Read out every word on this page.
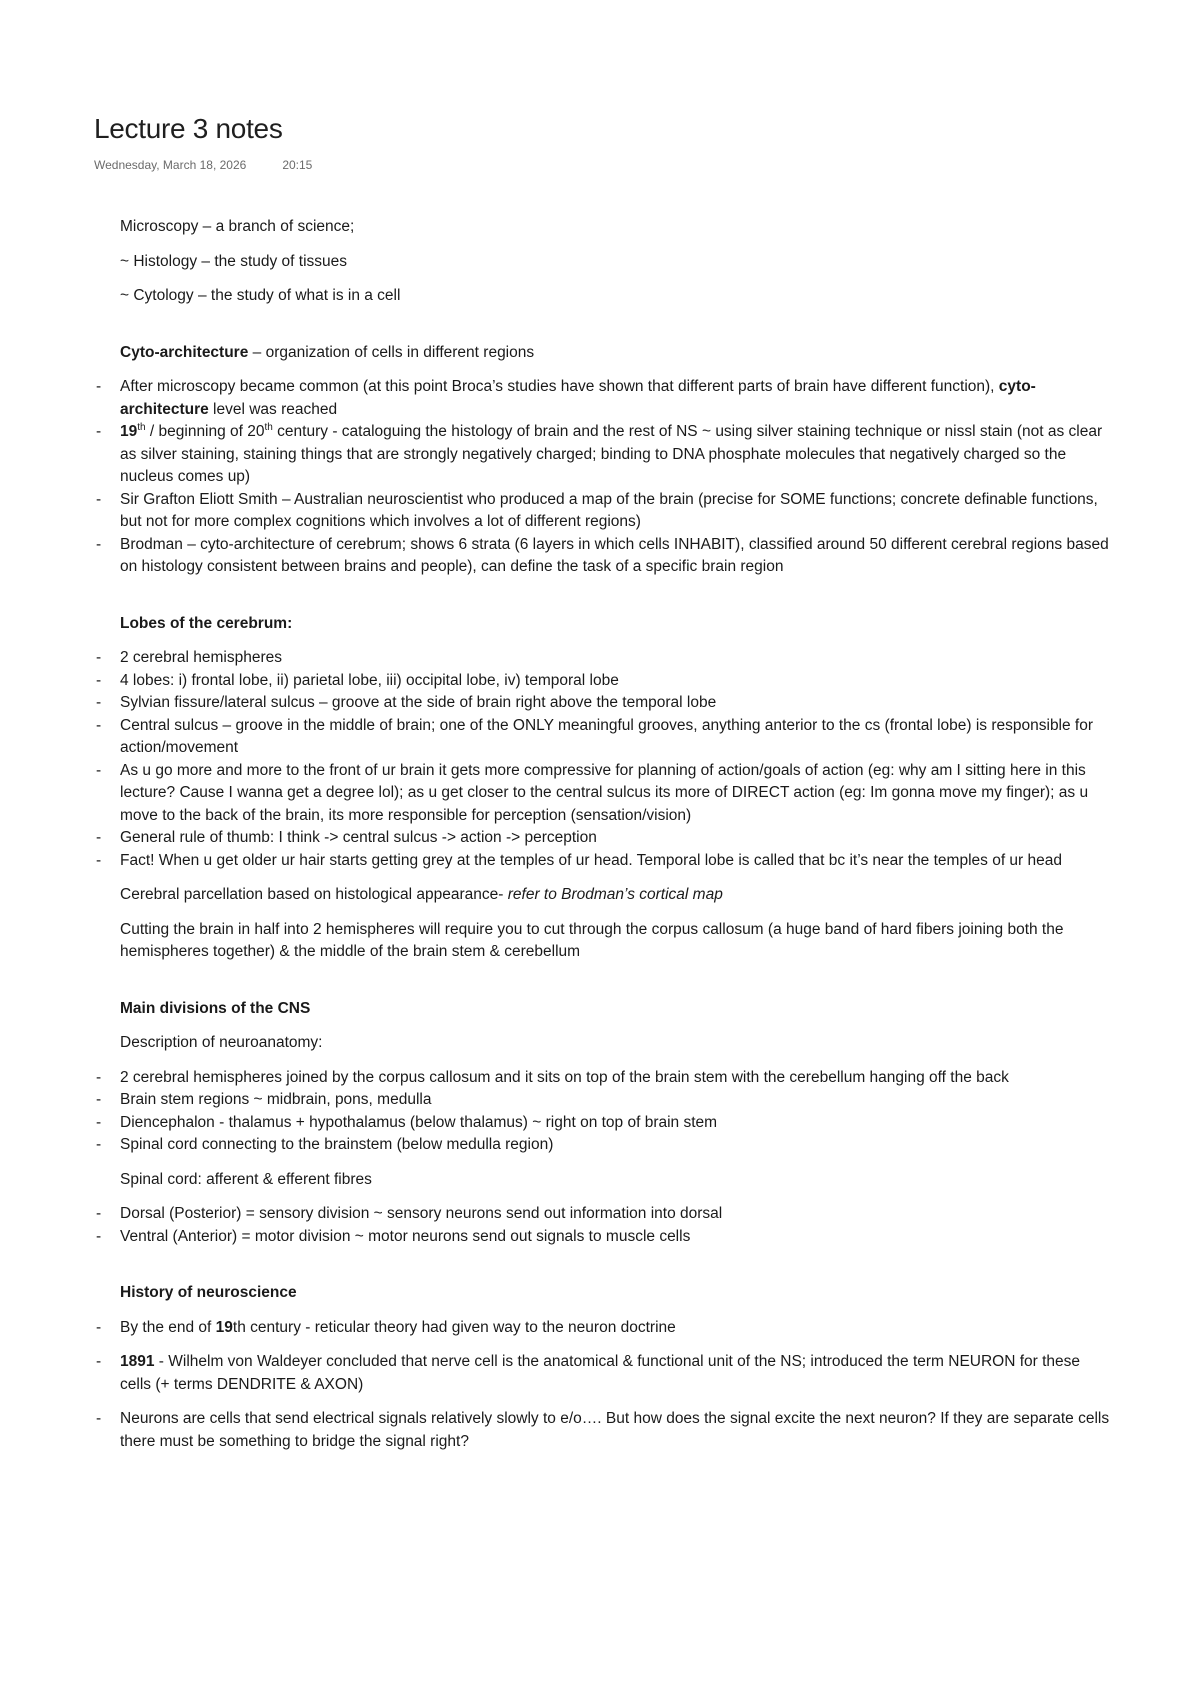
Lecture 3 notes
Wednesday, March 18, 2026	20:15

Microscopy – a branch of science;

~ Histology – the study of tissues

~ Cytology – the study of what is in a cell

Cyto-architecture – organization of cells in different regions

- After microscopy became common (at this point Broca’s studies have shown that different parts of brain have different function), cyto-architecture level was reached
- 19th / beginning of 20th century - cataloguing the histology of brain and the rest of NS ~ using silver staining technique or nissl stain (not as clear as silver staining, staining things that are strongly negatively charged; binding to DNA phosphate molecules that negatively charged so the nucleus comes up)
- Sir Grafton Eliott Smith – Australian neuroscientist who produced a map of the brain (precise for SOME functions; concrete definable functions, but not for more complex cognitions which involves a lot of different regions)
- Brodman – cyto-architecture of cerebrum; shows 6 strata (6 layers in which cells INHABIT), classified around 50 different cerebral regions based on histology consistent between brains and people), can define the task of a specific brain region

Lobes of the cerebrum:

- 2 cerebral hemispheres
- 4 lobes: i) frontal lobe, ii) parietal lobe, iii) occipital lobe, iv) temporal lobe
- Sylvian fissure/lateral sulcus – groove at the side of brain right above the temporal lobe
- Central sulcus – groove in the middle of brain; one of the ONLY meaningful grooves, anything anterior to the cs (frontal lobe) is responsible for action/movement
- As u go more and more to the front of ur brain it gets more compressive for planning of action/goals of action (eg: why am I sitting here in this lecture? Cause I wanna get a degree lol); as u get closer to the central sulcus its more of DIRECT action (eg: Im gonna move my finger); as u move to the back of the brain, its more responsible for perception (sensation/vision)
- General rule of thumb: I think -> central sulcus -> action -> perception
- Fact! When u get older ur hair starts getting grey at the temples of ur head. Temporal lobe is called that bc it’s near the temples of ur head

Cerebral parcellation based on histological appearance- refer to Brodman’s cortical map

Cutting the brain in half into 2 hemispheres will require you to cut through the corpus callosum (a huge band of hard fibers joining both the hemispheres together) & the middle of the brain stem & cerebellum

Main divisions of the CNS

Description of neuroanatomy:

- 2 cerebral hemispheres joined by the corpus callosum and it sits on top of the brain stem with the cerebellum hanging off the back
- Brain stem regions ~ midbrain, pons, medulla
- Diencephalon - thalamus + hypothalamus (below thalamus) ~ right on top of brain stem
- Spinal cord connecting to the brainstem (below medulla region)

Spinal cord: afferent & efferent fibres

- Dorsal (Posterior) = sensory division ~ sensory neurons send out information into dorsal
- Ventral (Anterior) = motor division ~ motor neurons send out signals to muscle cells

History of neuroscience

- By the end of 19th century - reticular theory had given way to the neuron doctrine
- 1891 - Wilhelm von Waldeyer concluded that nerve cell is the anatomical & functional unit of the NS; introduced the term NEURON for these cells (+ terms DENDRITE & AXON)
- Neurons are cells that send electrical signals relatively slowly to e/o…. But how does the signal excite the next neuron? If they are separate cells there must be something to bridge the signal right?
